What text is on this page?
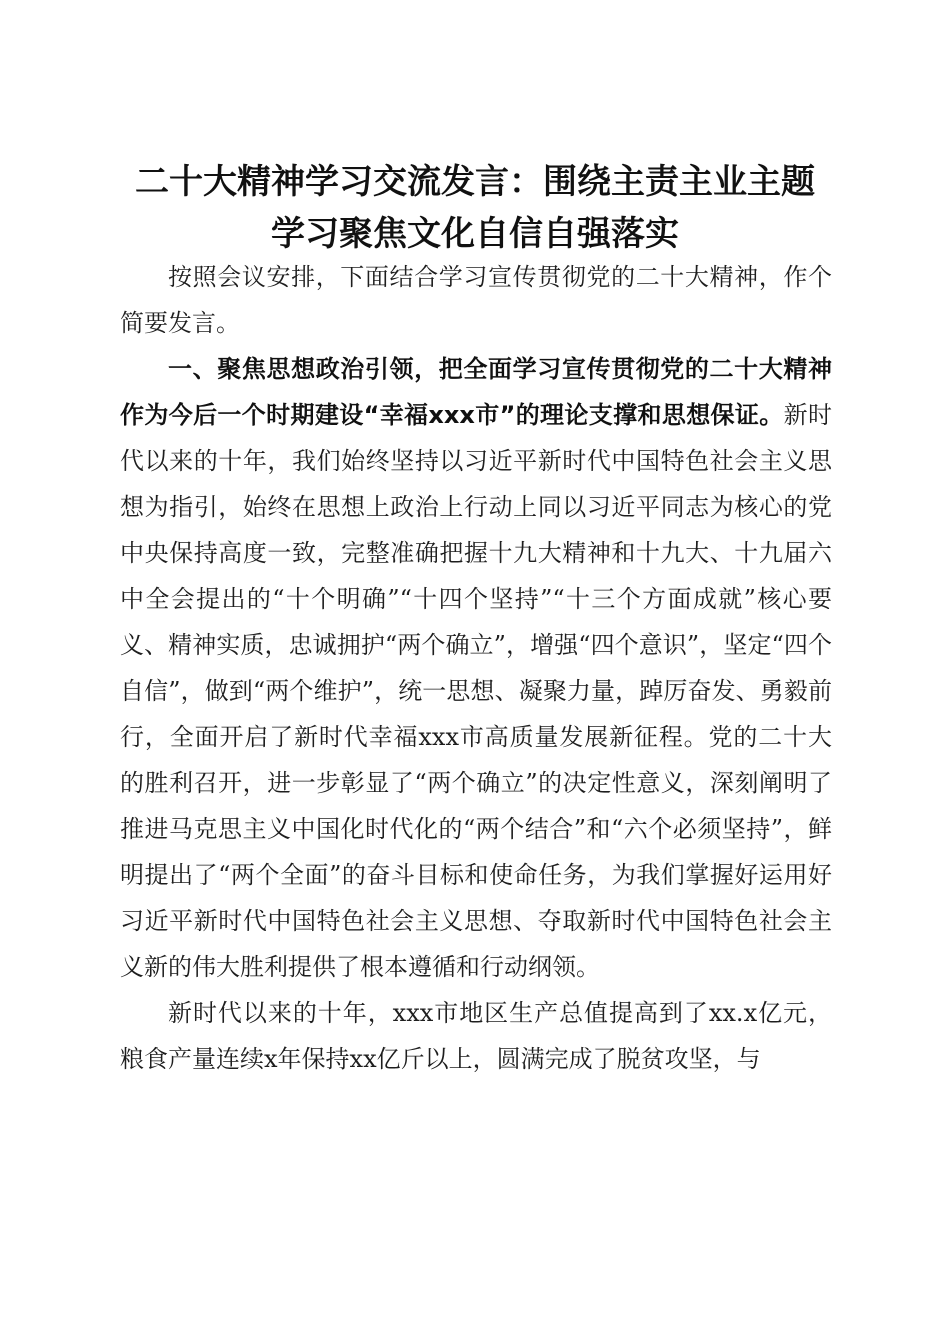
二十大精神学习交流发言：围绕主责主业主题
学习聚焦文化自信自强落实

按照会议安排，下面结合学习宣传贯彻党的二十大精神，作个简要发言。

一、聚焦思想政治引领，把全面学习宣传贯彻党的二十大精神作为今后一个时期建设“幸福xxx市”的理论支撑和思想保证。新时代以来的十年，我们始终坚持以习近平新时代中国特色社会主义思想为指引，始终在思想上政治上行动上同以习近平同志为核心的党中央保持高度一致，完整准确把握十九大精神和十九大、十九届六中全会提出的“十个明确”“十四个坚持”“十三个方面成就”核心要义、精神实质，忠诚拥护“两个确立”，增强“四个意识”，坚定“四个自信”，做到“两个维护”，统一思想、凝聚力量，踔厉奋发、勇毅前行，全面开启了新时代幸福xxx市高质量发展新征程。党的二十大的胜利召开，进一步彰显了“两个确立”的决定性意义，深刻阐明了推进马克思主义中国化时代化的“两个结合”和“六个必须坚持”，鲜明提出了“两个全面”的奋斗目标和使命任务，为我们掌握好运用好习近平新时代中国特色社会主义思想、夺取新时代中国特色社会主义新的伟大胜利提供了根本遵循和行动纲领。

新时代以来的十年，xxx市地区生产总值提高到了xx.x亿元，粮食产量连续x年保持xx亿斤以上，圆满完成了脱贫攻坚，与
